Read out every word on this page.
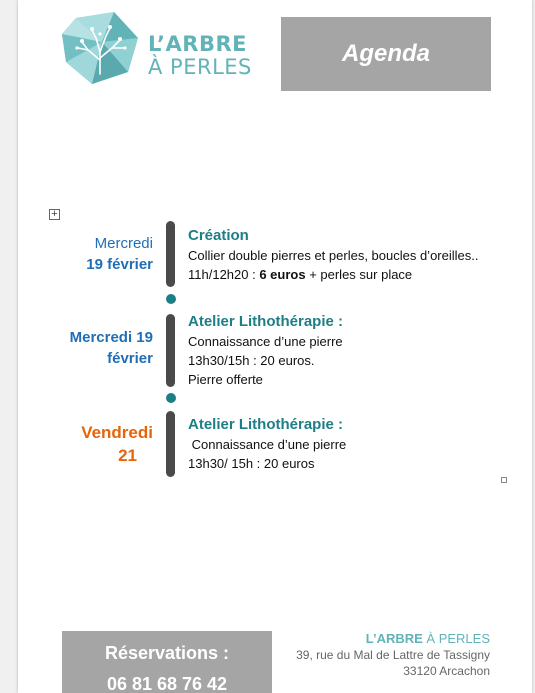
L’ARBRE
À PERLES	Agenda
+
Mercredi
19 février
Création
Collier double pierres et perles, boucles d’oreilles..
11h/12h20 : 6 euros + perles sur place
Mercredi 19
février
Atelier Lithothérapie :
Connaissance d’une pierre
13h30/15h : 20 euros.
Pierre offerte
Vendredi
21
Atelier Lithothérapie :
Connaissance d’une pierre
13h30/ 15h : 20 euros
Réservations :
06 81 68 76 42
L’ARBRE À PERLES
39, rue du Mal de Lattre de Tassigny
33120 Arcachon
